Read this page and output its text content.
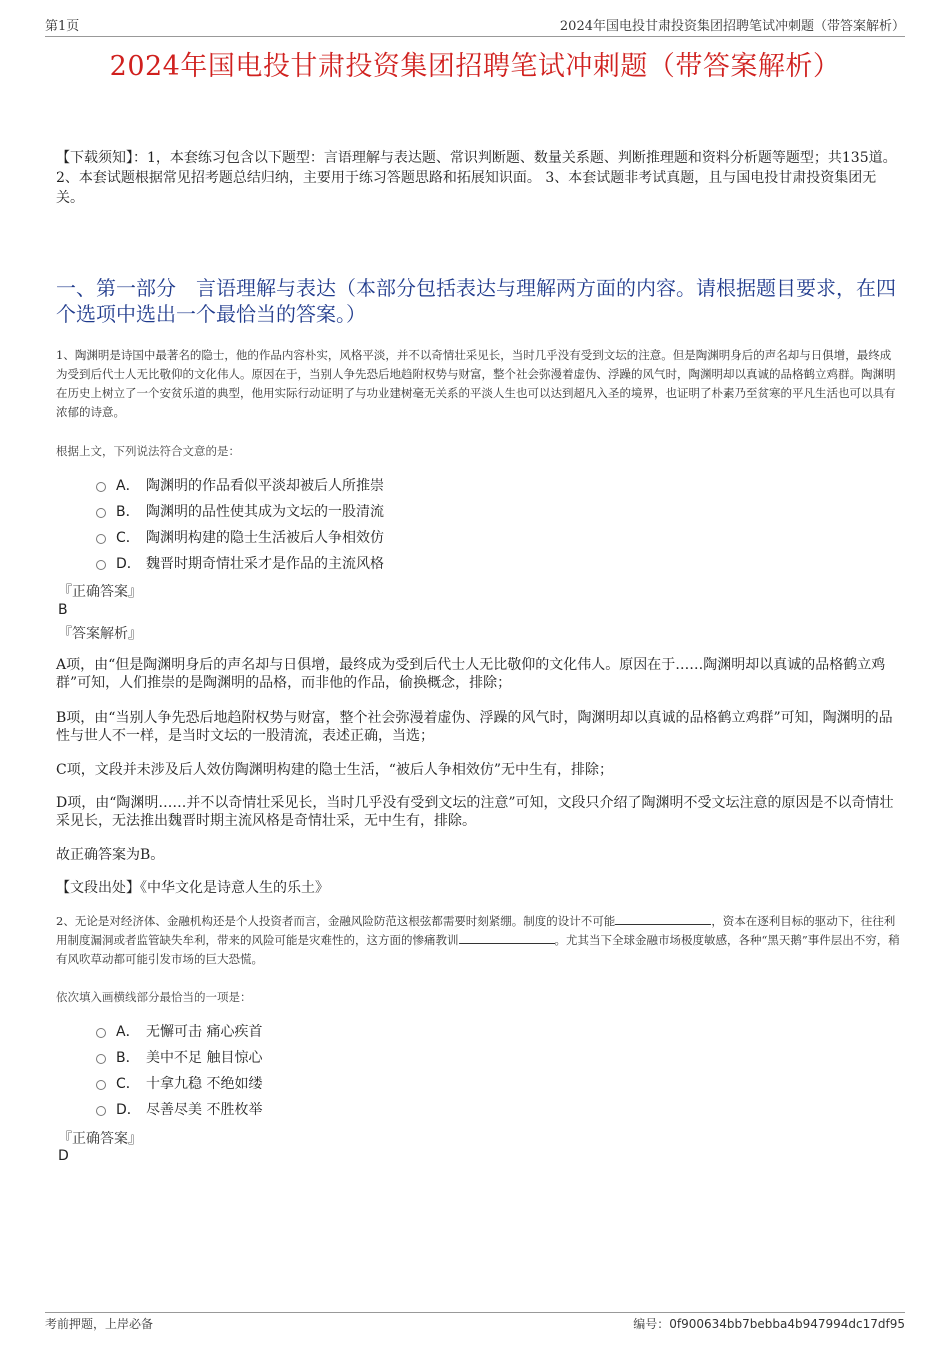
第1页	2024年国电投甘肃投资集团招聘笔试冲刺题（带答案解析）
2024年国电投甘肃投资集团招聘笔试冲刺题（带答案解析）
【下载须知】：1，本套练习包含以下题型：言语理解与表达题、常识判断题、数量关系题、判断推理题和资料分析题等题型；共135道。 2、本套试题根据常见招考题总结归纳，主要用于练习答题思路和拓展知识面。 3、本套试题非考试真题，且与国电投甘肃投资集团无关。
一、第一部分　言语理解与表达（本部分包括表达与理解两方面的内容。请根据题目要求，在四个选项中选出一个最恰当的答案。）
1、陶渊明是诗国中最著名的隐士，他的作品内容朴实，风格平淡，并不以奇情壮采见长，当时几乎没有受到文坛的注意。但是陶渊明身后的声名却与日俱增，最终成为受到后代士人无比敬仰的文化伟人。原因在于，当别人争先恐后地趋附权势与财富，整个社会弥漫着虚伪、浮躁的风气时，陶渊明却以真诚的品格鹤立鸡群。陶渊明在历史上树立了一个安贫乐道的典型，他用实际行动证明了与功业建树毫无关系的平淡人生也可以达到超凡入圣的境界，也证明了朴素乃至贫寒的平凡生活也可以具有浓郁的诗意。
根据上文，下列说法符合文意的是：
A． 陶渊明的作品看似平淡却被后人所推崇
B． 陶渊明的品性使其成为文坛的一股清流
C． 陶渊明构建的隐士生活被后人争相效仿
D． 魏晋时期奇情壮采才是作品的主流风格
『正确答案』
B
『答案解析』
A项，由“但是陶渊明身后的声名却与日俱增，最终成为受到后代士人无比敬仰的文化伟人。原因在于……陶渊明却以真诚的品格鹤立鸡群”可知，人们推崇的是陶渊明的品格，而非他的作品，偷换概念，排除；
B项，由“当别人争先恐后地趋附权势与财富，整个社会弥漫着虚伪、浮躁的风气时，陶渊明却以真诚的品格鹤立鸡群”可知，陶渊明的品性与世人不一样，是当时文坛的一股清流，表述正确，当选；
C项，文段并未涉及后人效仿陶渊明构建的隐士生活，“被后人争相效仿”无中生有，排除；
D项，由“陶渊明……并不以奇情壮采见长，当时几乎没有受到文坛的注意”可知，文段只介绍了陶渊明不受文坛注意的原因是不以奇情壮采见长，无法推出魏晋时期主流风格是奇情壮采，无中生有，排除。
故正确答案为B。
【文段出处】《中华文化是诗意人生的乐土》
2、无论是对经济体、金融机构还是个人投资者而言，金融风险防范这根弦都需要时刻紧绷。制度的设计不可能	，资本在逐利目标的驱动下，往往利用制度漏洞或者监管缺失牟利，带来的风险可能是灾难性的，这方面的惨痛教训	。尤其当下全球金融市场极度敏感，各种“黑天鹅”事件层出不穷，稍有风吹草动都可能引发市场的巨大恐慌。
依次填入画横线部分最恰当的一项是：
A． 无懈可击 痛心疾首
B． 美中不足 触目惊心
C． 十拿九稳 不绝如缕
D． 尽善尽美 不胜枚举
『正确答案』
D
考前押题，上岸必备	编号：0f900634bb7bebba4b947994dc17df95
